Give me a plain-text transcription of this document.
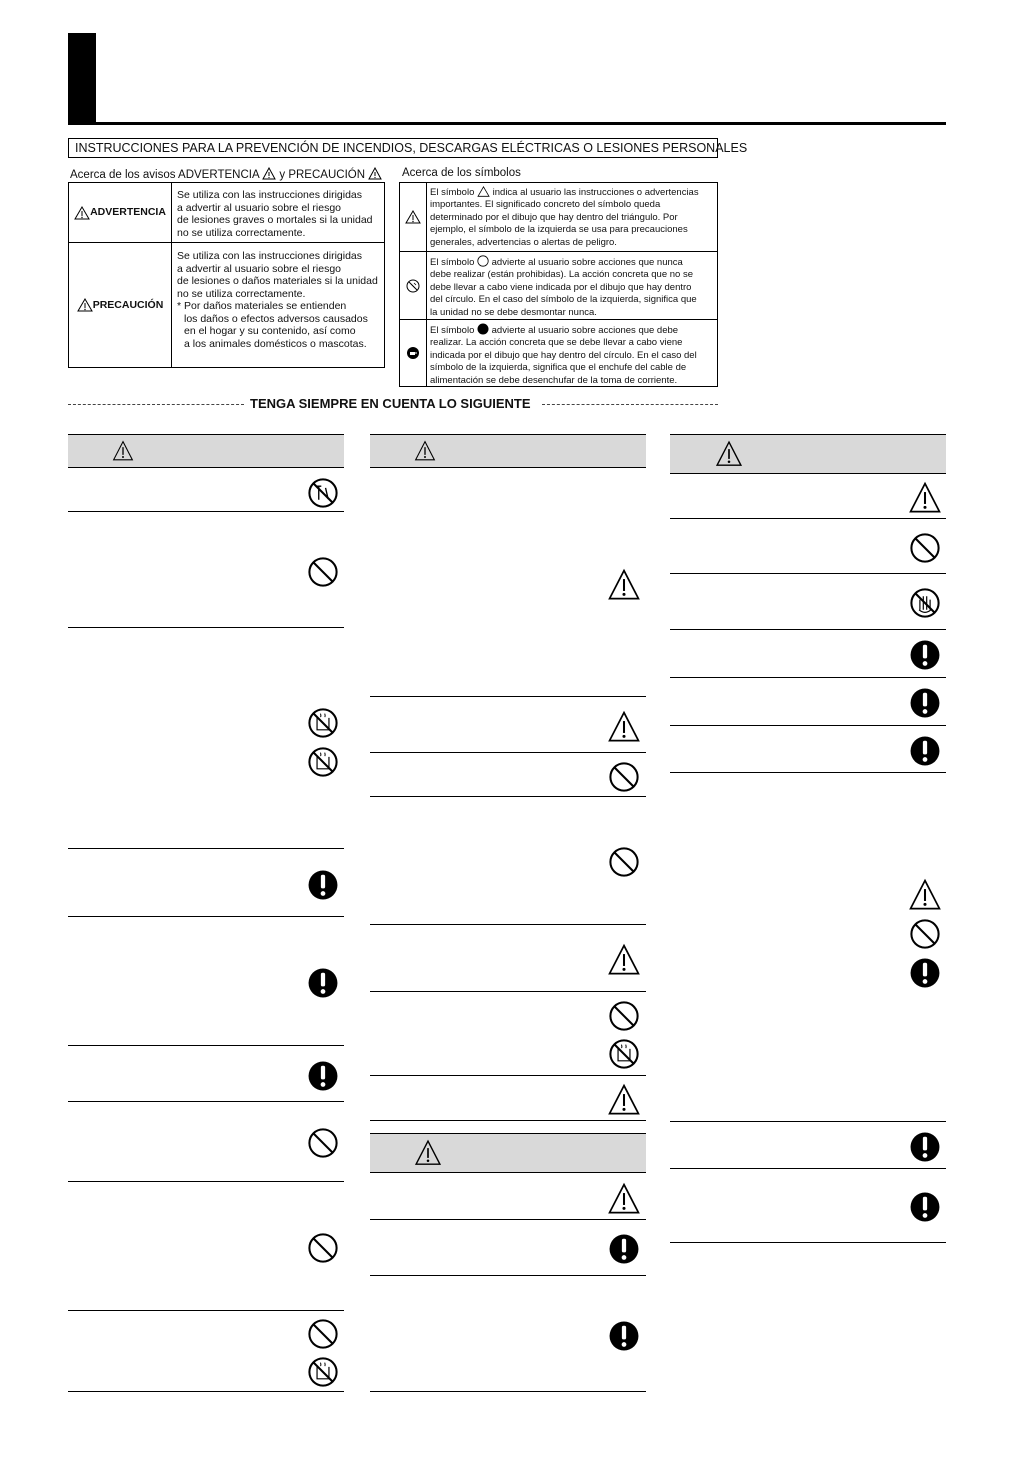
INSTRUCCIONES PARA LA PREVENCIÓN DE INCENDIOS, DESCARGAS ELÉCTRICAS O LESIONES PERSONALES
Acerca de los avisos ADVERTENCIA y PRECAUCIÓN
ADVERTENCIA
Se utiliza con las instrucciones dirigidas
a advertir al usuario sobre el riesgo
de lesiones graves o mortales si la unidad
no se utiliza correctamente.
PRECAUCIÓN
Se utiliza con las instrucciones dirigidas
a advertir al usuario sobre el riesgo
de lesiones o daños materiales si la unidad
no se utiliza correctamente.
* Por daños materiales se entienden
los daños o efectos adversos causados
en el hogar y su contenido, así como
a los animales domésticos o mascotas.
Acerca de los símbolos
El símbolo indica al usuario las instrucciones o advertencias
importantes. El significado concreto del símbolo queda
determinado por el dibujo que hay dentro del triángulo. Por
ejemplo, el símbolo de la izquierda se usa para precauciones
generales, advertencias o alertas de peligro.
El símbolo advierte al usuario sobre acciones que nunca
debe realizar (están prohibidas). La acción concreta que no se
debe llevar a cabo viene indicada por el dibujo que hay dentro
del círculo. En el caso del símbolo de la izquierda, significa que
la unidad no se debe desmontar nunca.
El símbolo advierte al usuario sobre acciones que debe
realizar. La acción concreta que se debe llevar a cabo viene
indicada por el dibujo que hay dentro del círculo. En el caso del
símbolo de la izquierda, significa que el enchufe del cable de
alimentación se debe desenchufar de la toma de corriente.
TENGA SIEMPRE EN CUENTA LO SIGUIENTE
